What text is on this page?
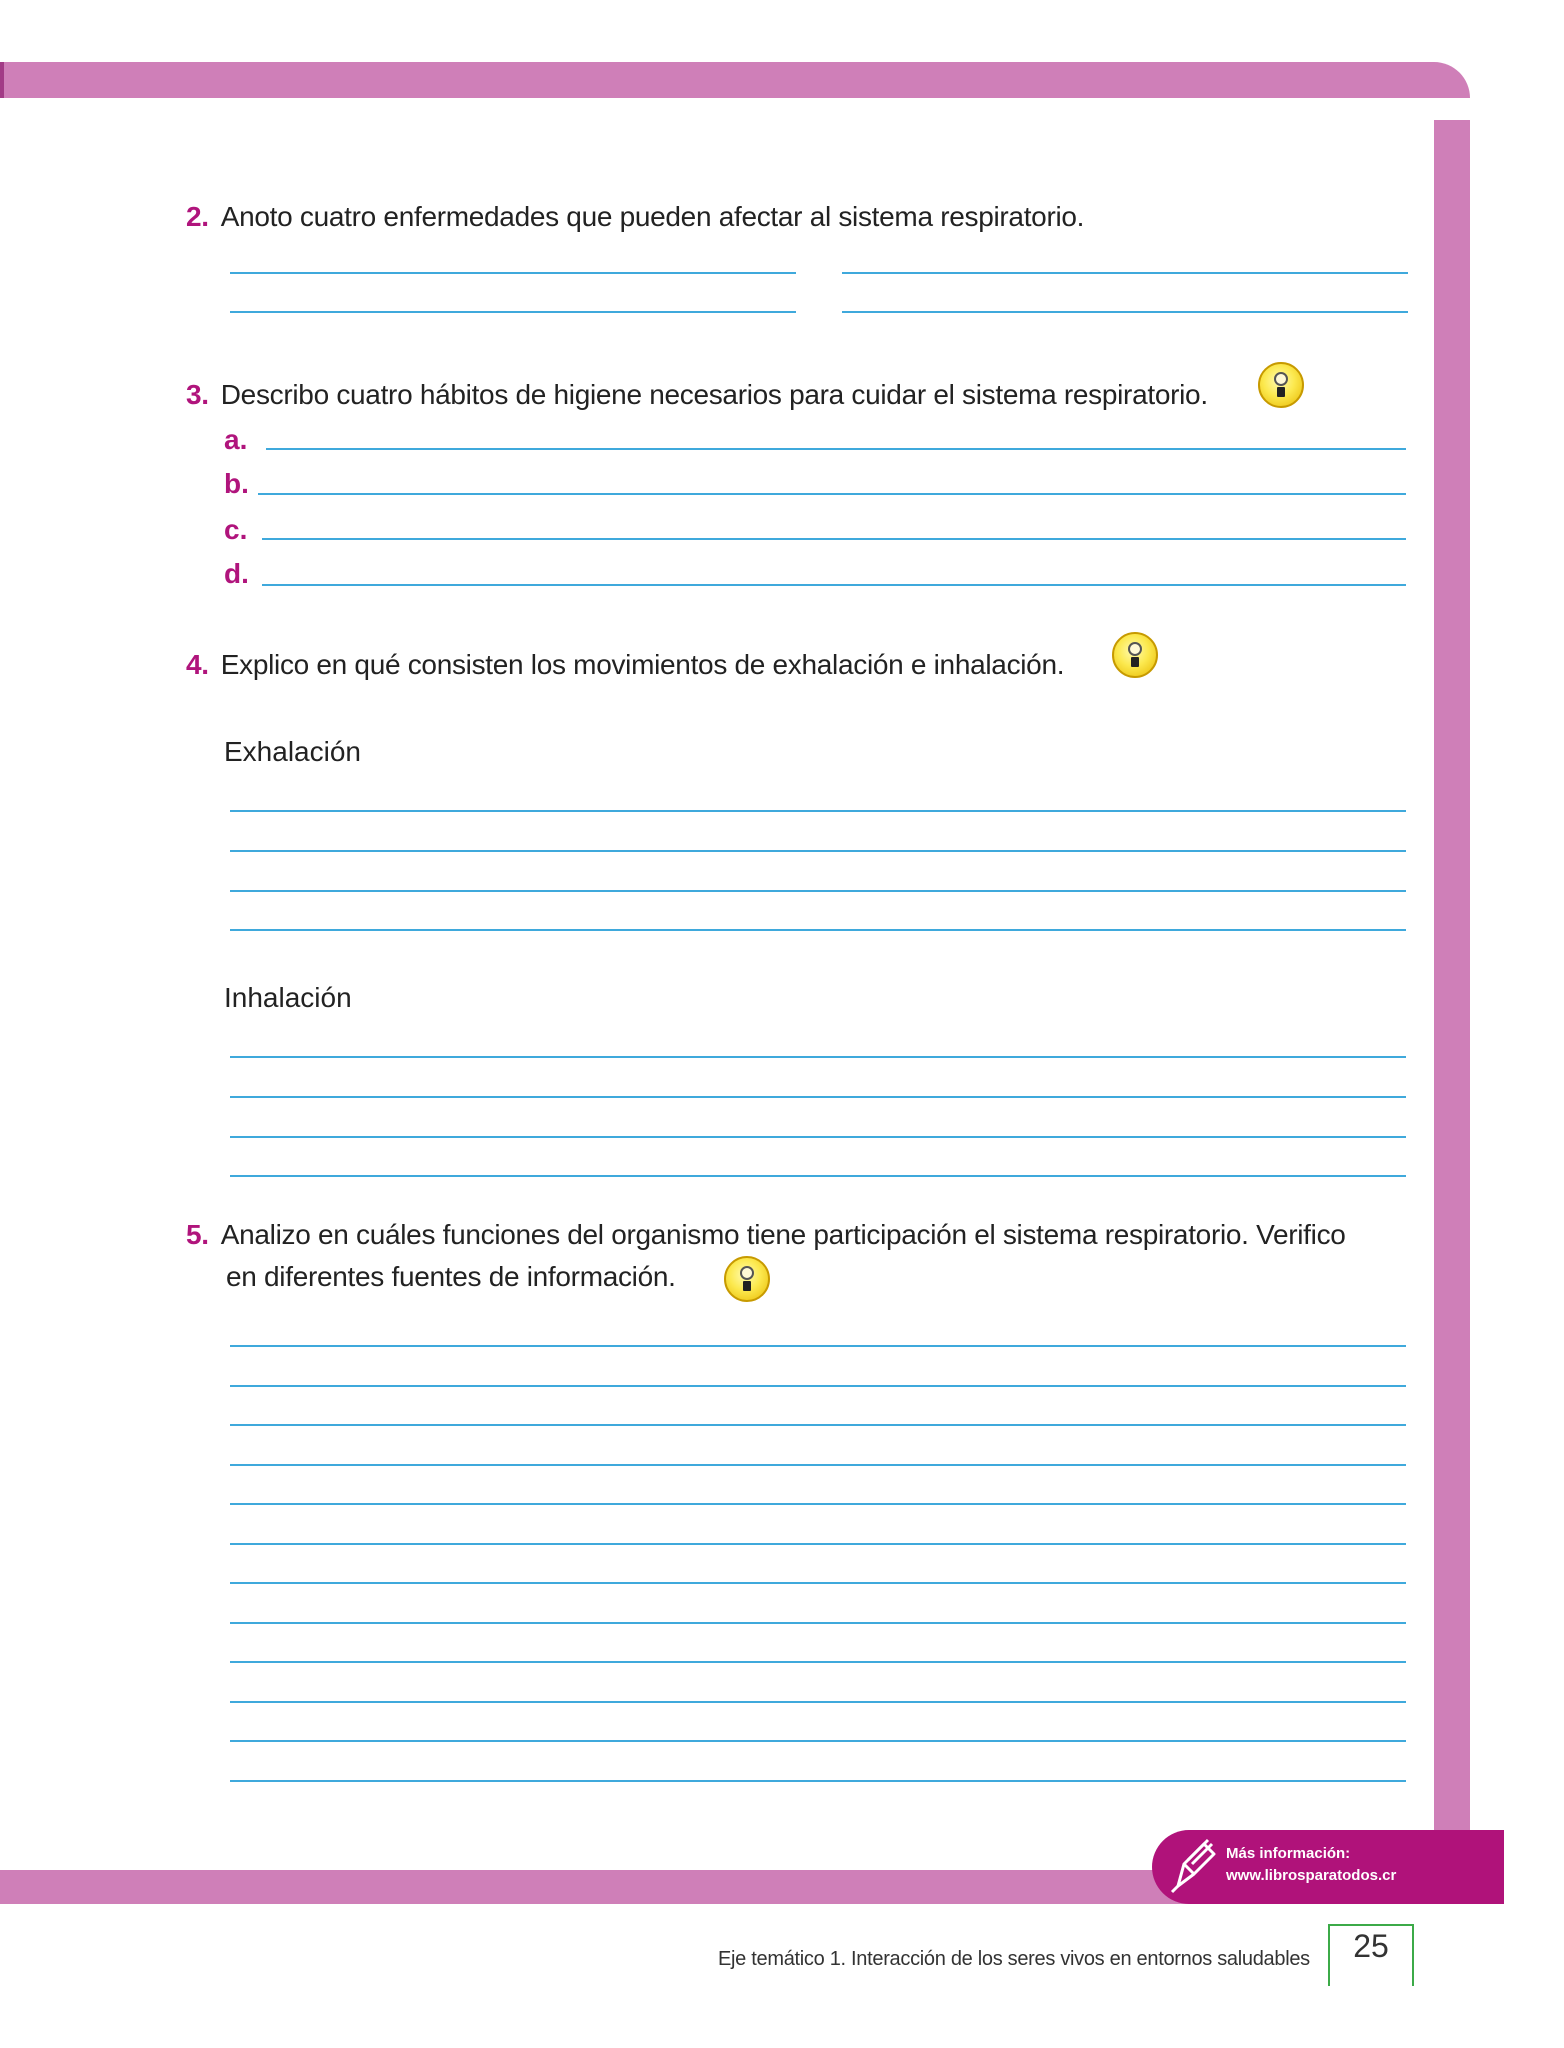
2. Anoto cuatro enfermedades que pueden afectar al sistema respiratorio.
3. Describo cuatro hábitos de higiene necesarios para cuidar el sistema respiratorio.
a.
b.
c.
d.
4. Explico en qué consisten los movimientos de exhalación e inhalación.
Exhalación
Inhalación
5. Analizo en cuáles funciones del organismo tiene participación el sistema respiratorio. Verifico
en diferentes fuentes de información.
Más información:
www.librosparatodos.cr
Eje temático 1. Interacción de los seres vivos en entornos saludables	25
